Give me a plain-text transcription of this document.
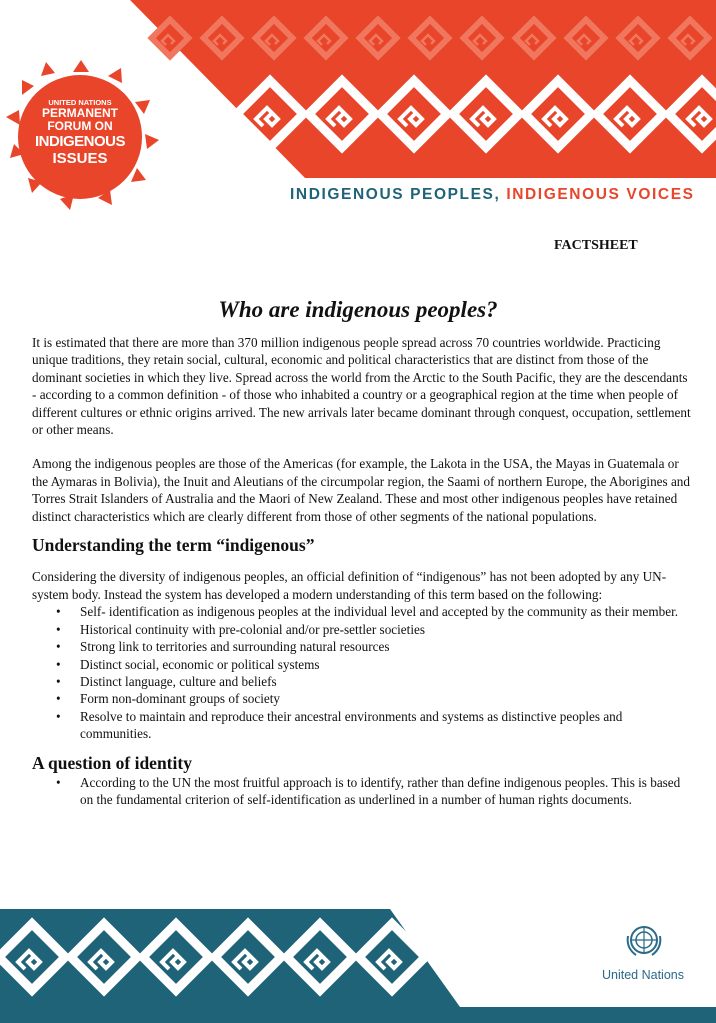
UNITED NATIONS
PERMANENT
FORUM ON
INDIGENOUS
ISSUES
INDIGENOUS PEOPLES, INDIGENOUS VOICES
FACTSHEET
Who are indigenous peoples?

It is estimated that there are more than 370 million indigenous people spread across 70 countries worldwide. Practicing unique traditions, they retain social, cultural, economic and political characteristics that are distinct from those of the dominant societies in which they live. Spread across the world from the Arctic to the South Pacific, they are the descendants - according to a common definition - of those who inhabited a country or a geographical region at the time when people of different cultures or ethnic origins arrived. The new arrivals later became dominant through conquest, occupation, settlement or other means.

Among the indigenous peoples are those of the Americas (for example, the Lakota in the USA, the Mayas in Guatemala or the Aymaras in Bolivia), the Inuit and Aleutians of the circumpolar region, the Saami of northern Europe, the Aborigines and Torres Strait Islanders of Australia and the Maori of New Zealand. These and most other indigenous peoples have retained distinct characteristics which are clearly different from those of other segments of the national populations.

Understanding the term “indigenous”

Considering the diversity of indigenous peoples, an official definition of “indigenous” has not been adopted by any UN-system body. Instead the system has developed a modern understanding of this term based on the following:

• Self- identification as indigenous peoples at the individual level and accepted by the community as their member.
• Historical continuity with pre-colonial and/or pre-settler societies
• Strong link to territories and surrounding natural resources
• Distinct social, economic or political systems
• Distinct language, culture and beliefs
• Form non-dominant groups of society
• Resolve to maintain and reproduce their ancestral environments and systems as distinctive peoples and communities.
A question of identity
• According to the UN the most fruitful approach is to identify, rather than define indigenous peoples. This is based on the fundamental criterion of self-identification as underlined in a number of human rights documents.
United Nations
